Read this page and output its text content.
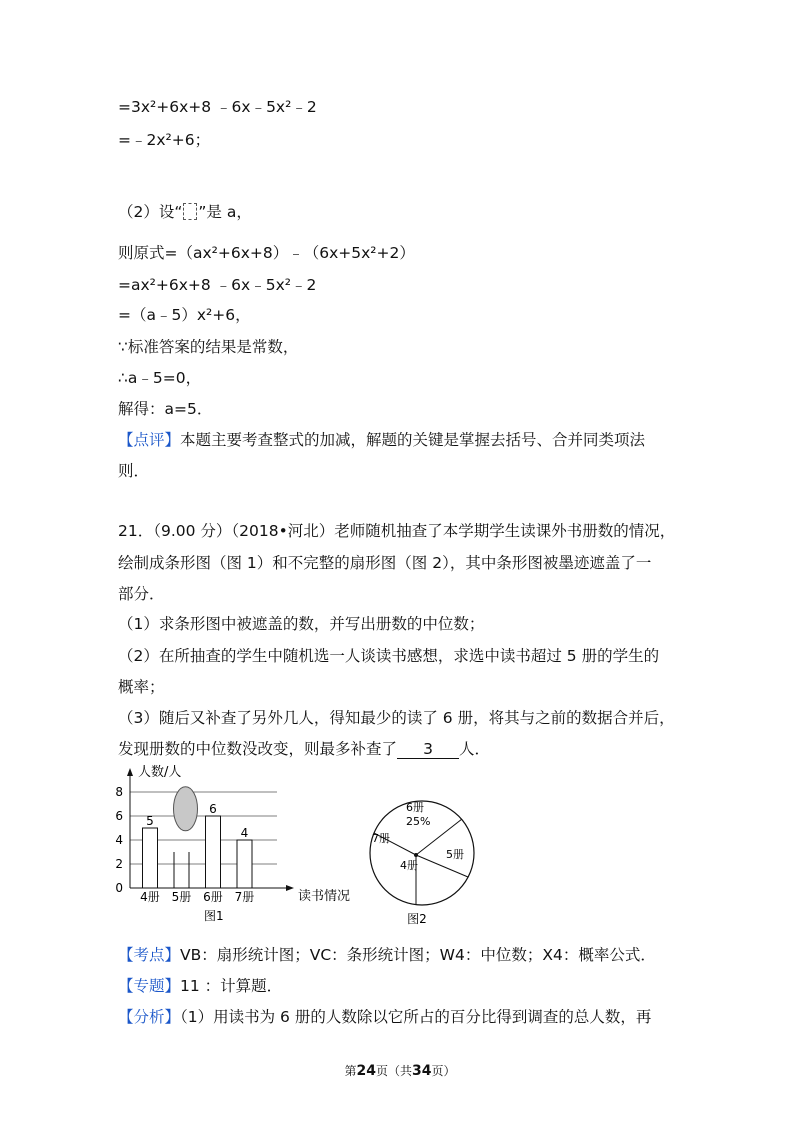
=3x²+6x+8 ﹣6x﹣5x²﹣2
=﹣2x²+6；
（2）设“ ”是 a，
则原式=（ax²+6x+8）﹣（6x+5x²+2）
=ax²+6x+8 ﹣6x﹣5x²﹣2
=（a﹣5）x²+6，
∵标准答案的结果是常数，
∴a﹣5=0，
解得：a=5．
【点评】本题主要考查整式的加减，解题的关键是掌握去括号、合并同类项法
则．
21．（9.00 分）（2018•河北）老师随机抽查了本学期学生读课外书册数的情况，
绘制成条形图（图 1）和不完整的扇形图（图 2），其中条形图被墨迹遮盖了一
部分．
（1）求条形图中被遮盖的数，并写出册数的中位数；
（2）在所抽查的学生中随机选一人谈读书感想，求选中读书超过 5 册的学生的
概率；
（3）随后又补查了另外几人，得知最少的读了 6 册，将其与之前的数据合并后，
发现册数的中位数没改变，则最多补查了 3 人．
0
2
4
6
8
人数/人
读书情况
图1
5
4册 5册
6
6册
4
7册
6册
25%
5册
4册
7册
图2
【考点】VB：扇形统计图；VC：条形统计图；W4：中位数；X4：概率公式．
【专题】11 ：计算题．
【分析】（1）用读书为 6 册的人数除以它所占的百分比得到调查的总人数，再
第24页（共34页）
